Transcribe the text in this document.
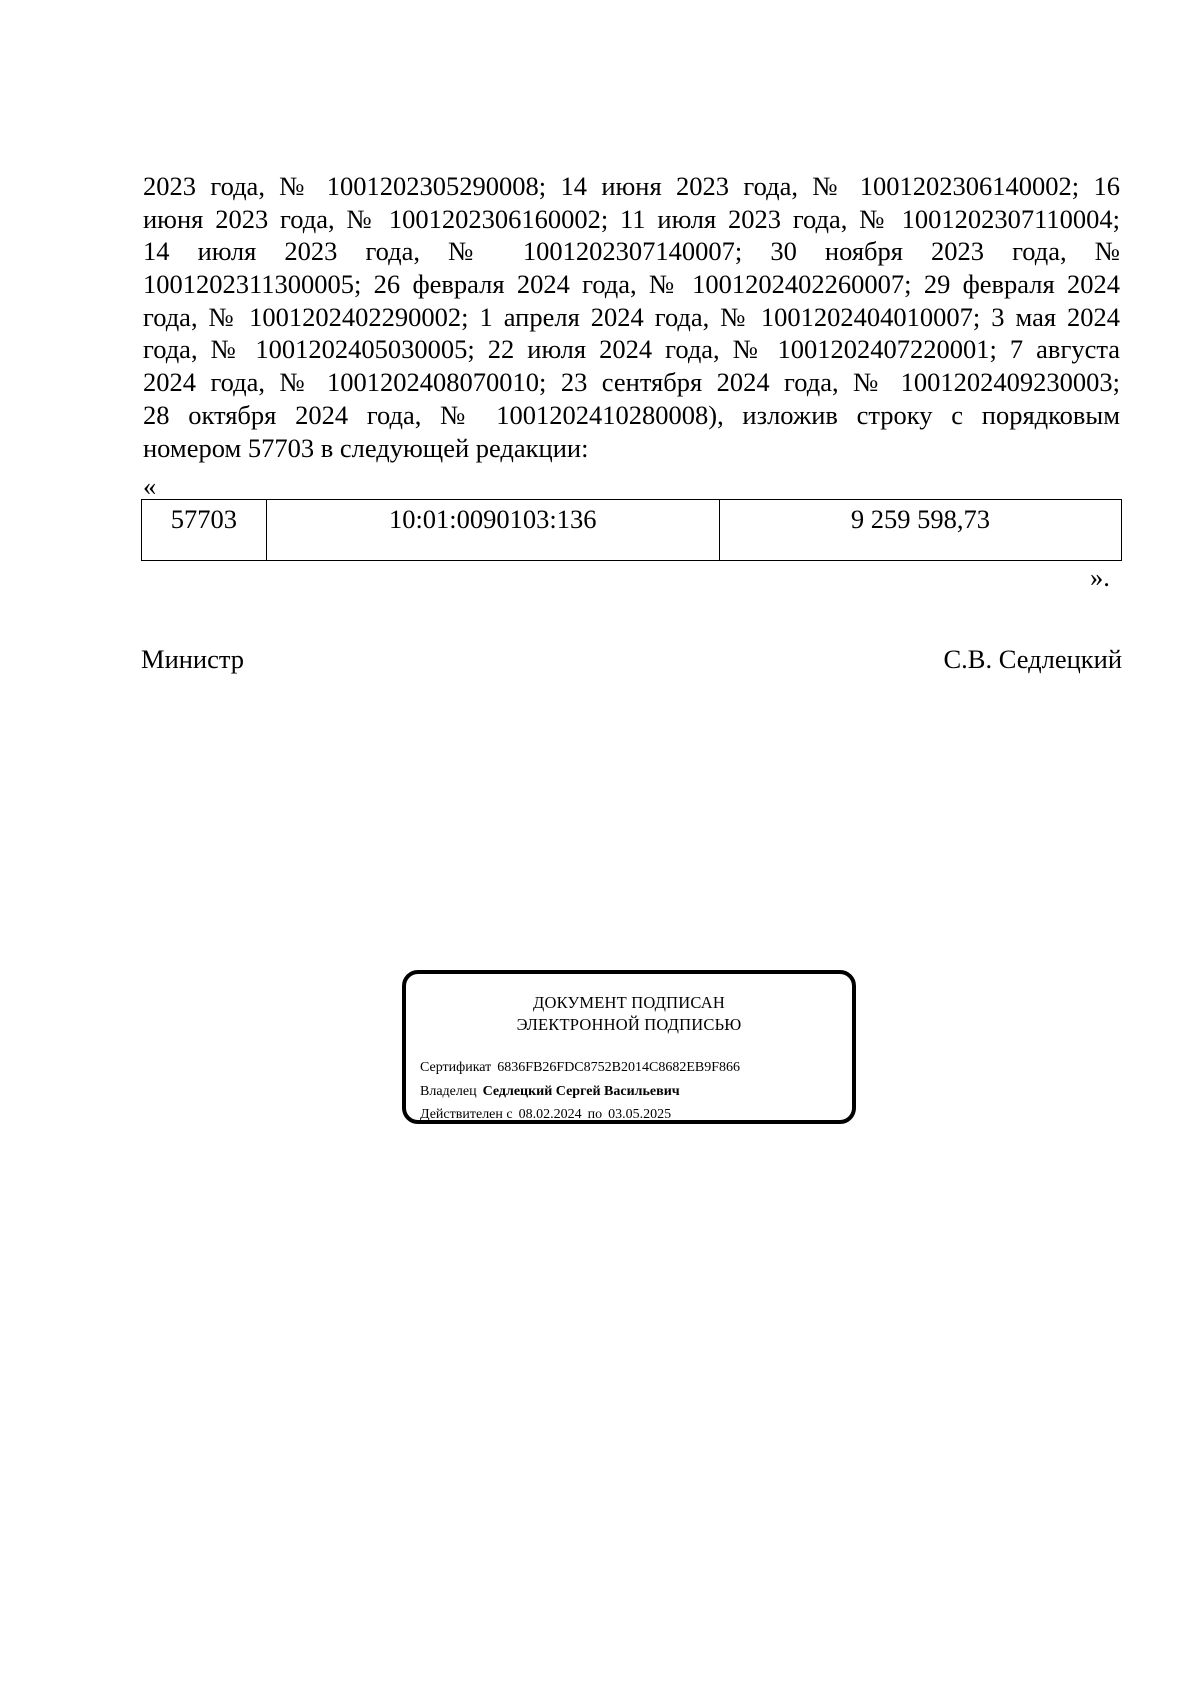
2023 года, № 1001202305290008; 14 июня 2023 года, № 1001202306140002; 16
июня 2023 года, № 1001202306160002; 11 июля 2023 года, № 1001202307110004;
14 июля 2023 года, № 1001202307140007; 30 ноября 2023 года, №
1001202311300005; 26 февраля 2024 года, № 1001202402260007; 29 февраля 2024
года, № 1001202402290002; 1 апреля 2024 года, № 1001202404010007; 3 мая 2024
года, № 1001202405030005; 22 июля 2024 года, № 1001202407220001; 7 августа
2024 года, № 1001202408070010; 23 сентября 2024 года, № 1001202409230003;
28 октября 2024 года, № 1001202410280008), изложив строку с порядковым
номером 57703 в следующей редакции:
«
57703	10:01:0090103:136	9 259 598,73
».
Министр	С.В. Седлецкий
ДОКУМЕНТ ПОДПИСАН
ЭЛЕКТРОННОЙ ПОДПИСЬЮ
Сертификат 6836FB26FDC8752B2014C8682EB9F866
Владелец Седлецкий Сергей Васильевич
Действителен с 08.02.2024 по 03.05.2025
